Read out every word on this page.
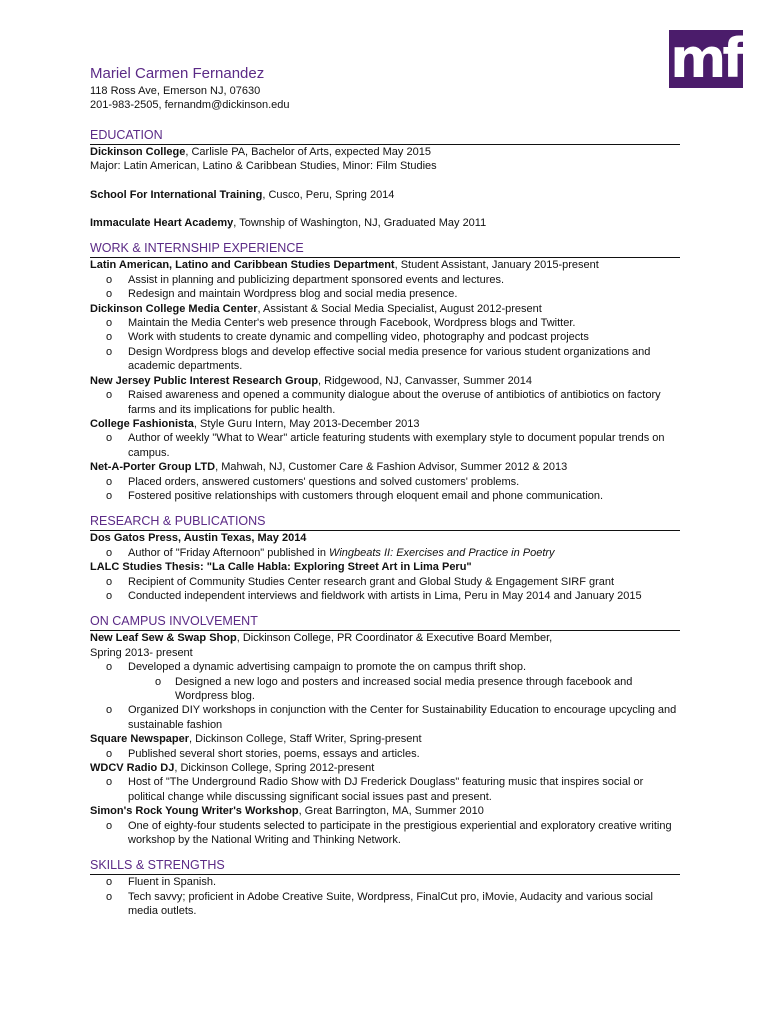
mf

Mariel Carmen Fernandez

118 Ross Ave, Emerson NJ, 07630

201-983-2505, fernandm@dickinson.edu

EDUCATION

Dickinson College, Carlisle PA, Bachelor of Arts, expected May 2015

Major: Latin American, Latino & Caribbean Studies, Minor: Film Studies

School For International Training, Cusco, Peru, Spring 2014

Immaculate Heart Academy, Township of Washington, NJ, Graduated May 2011

WORK & INTERNSHIP EXPERIENCE

Latin American, Latino and Caribbean Studies Department, Student Assistant, January 2015-present

o Assist in planning and publicizing department sponsored events and lectures.
o Redesign and maintain Wordpress blog and social media presence.

Dickinson College Media Center, Assistant & Social Media Specialist, August 2012-present

o Maintain the Media Center's web presence through Facebook, Wordpress blogs and Twitter.
o Work with students to create dynamic and compelling video, photography and podcast projects
o Design Wordpress blogs and develop effective social media presence for various student organizations and academic departments.

New Jersey Public Interest Research Group, Ridgewood, NJ, Canvasser, Summer 2014

o Raised awareness and opened a community dialogue about the overuse of antibiotics of antibiotics on factory farms and its implications for public health.

College Fashionista, Style Guru Intern, May 2013-December 2013

o Author of weekly "What to Wear" article featuring students with exemplary style to document popular trends on campus.

Net-A-Porter Group LTD, Mahwah, NJ, Customer Care & Fashion Advisor, Summer 2012 & 2013

o Placed orders, answered customers' questions and solved customers' problems.
o Fostered positive relationships with customers through eloquent email and phone communication.
RESEARCH & PUBLICATIONS

Dos Gatos Press, Austin Texas, May 2014

o Author of "Friday Afternoon" published in Wingbeats II: Exercises and Practice in Poetry

LALC Studies Thesis: "La Calle Habla: Exploring Street Art in Lima Peru"

o Recipient of Community Studies Center research grant and Global Study & Engagement SIRF grant
o Conducted independent interviews and fieldwork with artists in Lima, Peru in May 2014 and January 2015
ON CAMPUS INVOLVEMENT

New Leaf Sew & Swap Shop, Dickinson College, PR Coordinator & Executive Board Member,

Spring 2013- present

o Developed a dynamic advertising campaign to promote the on campus thrift shop.
o Designed a new logo and posters and increased social media presence through facebook and Wordpress blog.
o Organized DIY workshops in conjunction with the Center for Sustainability Education to encourage upcycling and sustainable fashion

Square Newspaper, Dickinson College, Staff Writer, Spring-present

o Published several short stories, poems, essays and articles.

WDCV Radio DJ, Dickinson College, Spring 2012-present

o Host of "The Underground Radio Show with DJ Frederick Douglass" featuring music that inspires social or political change while discussing significant social issues past and present.

Simon's Rock Young Writer's Workshop, Great Barrington, MA, Summer 2010

o One of eighty-four students selected to participate in the prestigious experiential and exploratory creative writing workshop by the National Writing and Thinking Network.
SKILLS & STRENGTHS
o Fluent in Spanish.
o Tech savvy; proficient in Adobe Creative Suite, Wordpress, FinalCut pro, iMovie, Audacity and various social media outlets.
